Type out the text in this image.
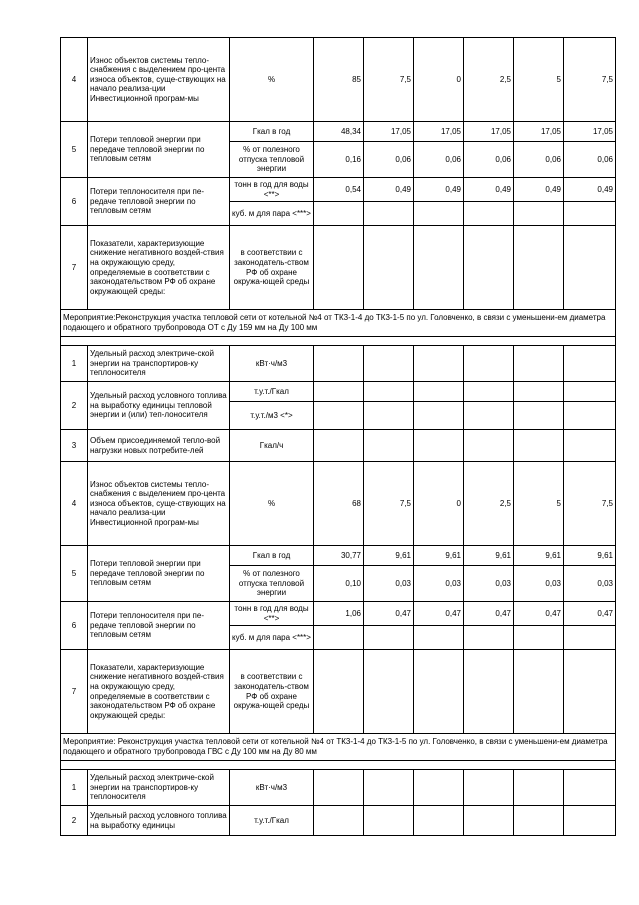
4	Износ объектов системы тепло-снабжения с выделением про-цента износа объектов, суще-ствующих на начало реализа-ции Инвестиционной програм-мы	%	85	7,5	0	2,5	5	7,5
5	Потери тепловой энергии при передаче тепловой энергии по тепловым сетям	Гкал в год	48,34	17,05	17,05	17,05	17,05	17,05
		% от полезного отпуска тепловой энергии	0,16	0,06	0,06	0,06	0,06	0,06
6	Потери теплоносителя при пе-редаче тепловой энергии по тепловым сетям	тонн в год для воды <**>	0,54	0,49	0,49	0,49	0,49	0,49
		куб. м для пара <***>						
7	Показатели, характеризующие снижение негативного воздей-ствия на окружающую среду, определяемые в соответствии с законодательством РФ об охране окружающей среды:	в соответствии с законодатель-ством РФ об охране окружа-ющей среды						
Мероприятие:Реконструкция участка тепловой сети от котельной №4 от ТК3-1-4 до ТК3-1-5 по ул. Головченко, в связи с уменьшени-ем диаметра подающего и обратного трубопровода ОТ с Ду 159 мм на Ду 100 мм								

1	Удельный расход электриче-ской энергии на транспортиров-ку теплоносителя	кВт·ч/м3						
2	Удельный расход условного топлива на выработку единицы тепловой энергии и (или) теп-лоносителя	т.у.т./Гкал						
		т.у.т./м3 <*>						
3	Объем присоединяемой тепло-вой нагрузки новых потребите-лей	Гкал/ч						
4	Износ объектов системы тепло-снабжения с выделением про-цента износа объектов, суще-ствующих на начало реализа-ции Инвестиционной програм-мы	%	68	7,5	0	2,5	5	7,5
5	Потери тепловой энергии при передаче тепловой энергии по тепловым сетям	Гкал в год	30,77	9,61	9,61	9,61	9,61	9,61
		% от полезного отпуска тепловой энергии	0,10	0,03	0,03	0,03	0,03	0,03
6	Потери теплоносителя при пе-редаче тепловой энергии по тепловым сетям	тонн в год для воды <**>	1,06	0,47	0,47	0,47	0,47	0,47
		куб. м для пара <***>						
7	Показатели, характеризующие снижение негативного воздей-ствия на окружающую среду, определяемые в соответствии с законодательством РФ об охране окружающей среды:	в соответствии с законодатель-ством РФ об охране окружа-ющей среды						
Мероприятие: Реконструкция участка тепловой сети от котельной №4 от ТК3-1-4 до ТК3-1-5 по ул. Головченко, в связи с уменьшени-ем диаметра подающего и обратного трубопровода ГВС с Ду 100 мм на Ду 80 мм								

1	Удельный расход электриче-ской энергии на транспортиров-ку теплоносителя	кВт·ч/м3						
2	Удельный расход условного топлива на выработку единицы	т.у.т./Гкал						
